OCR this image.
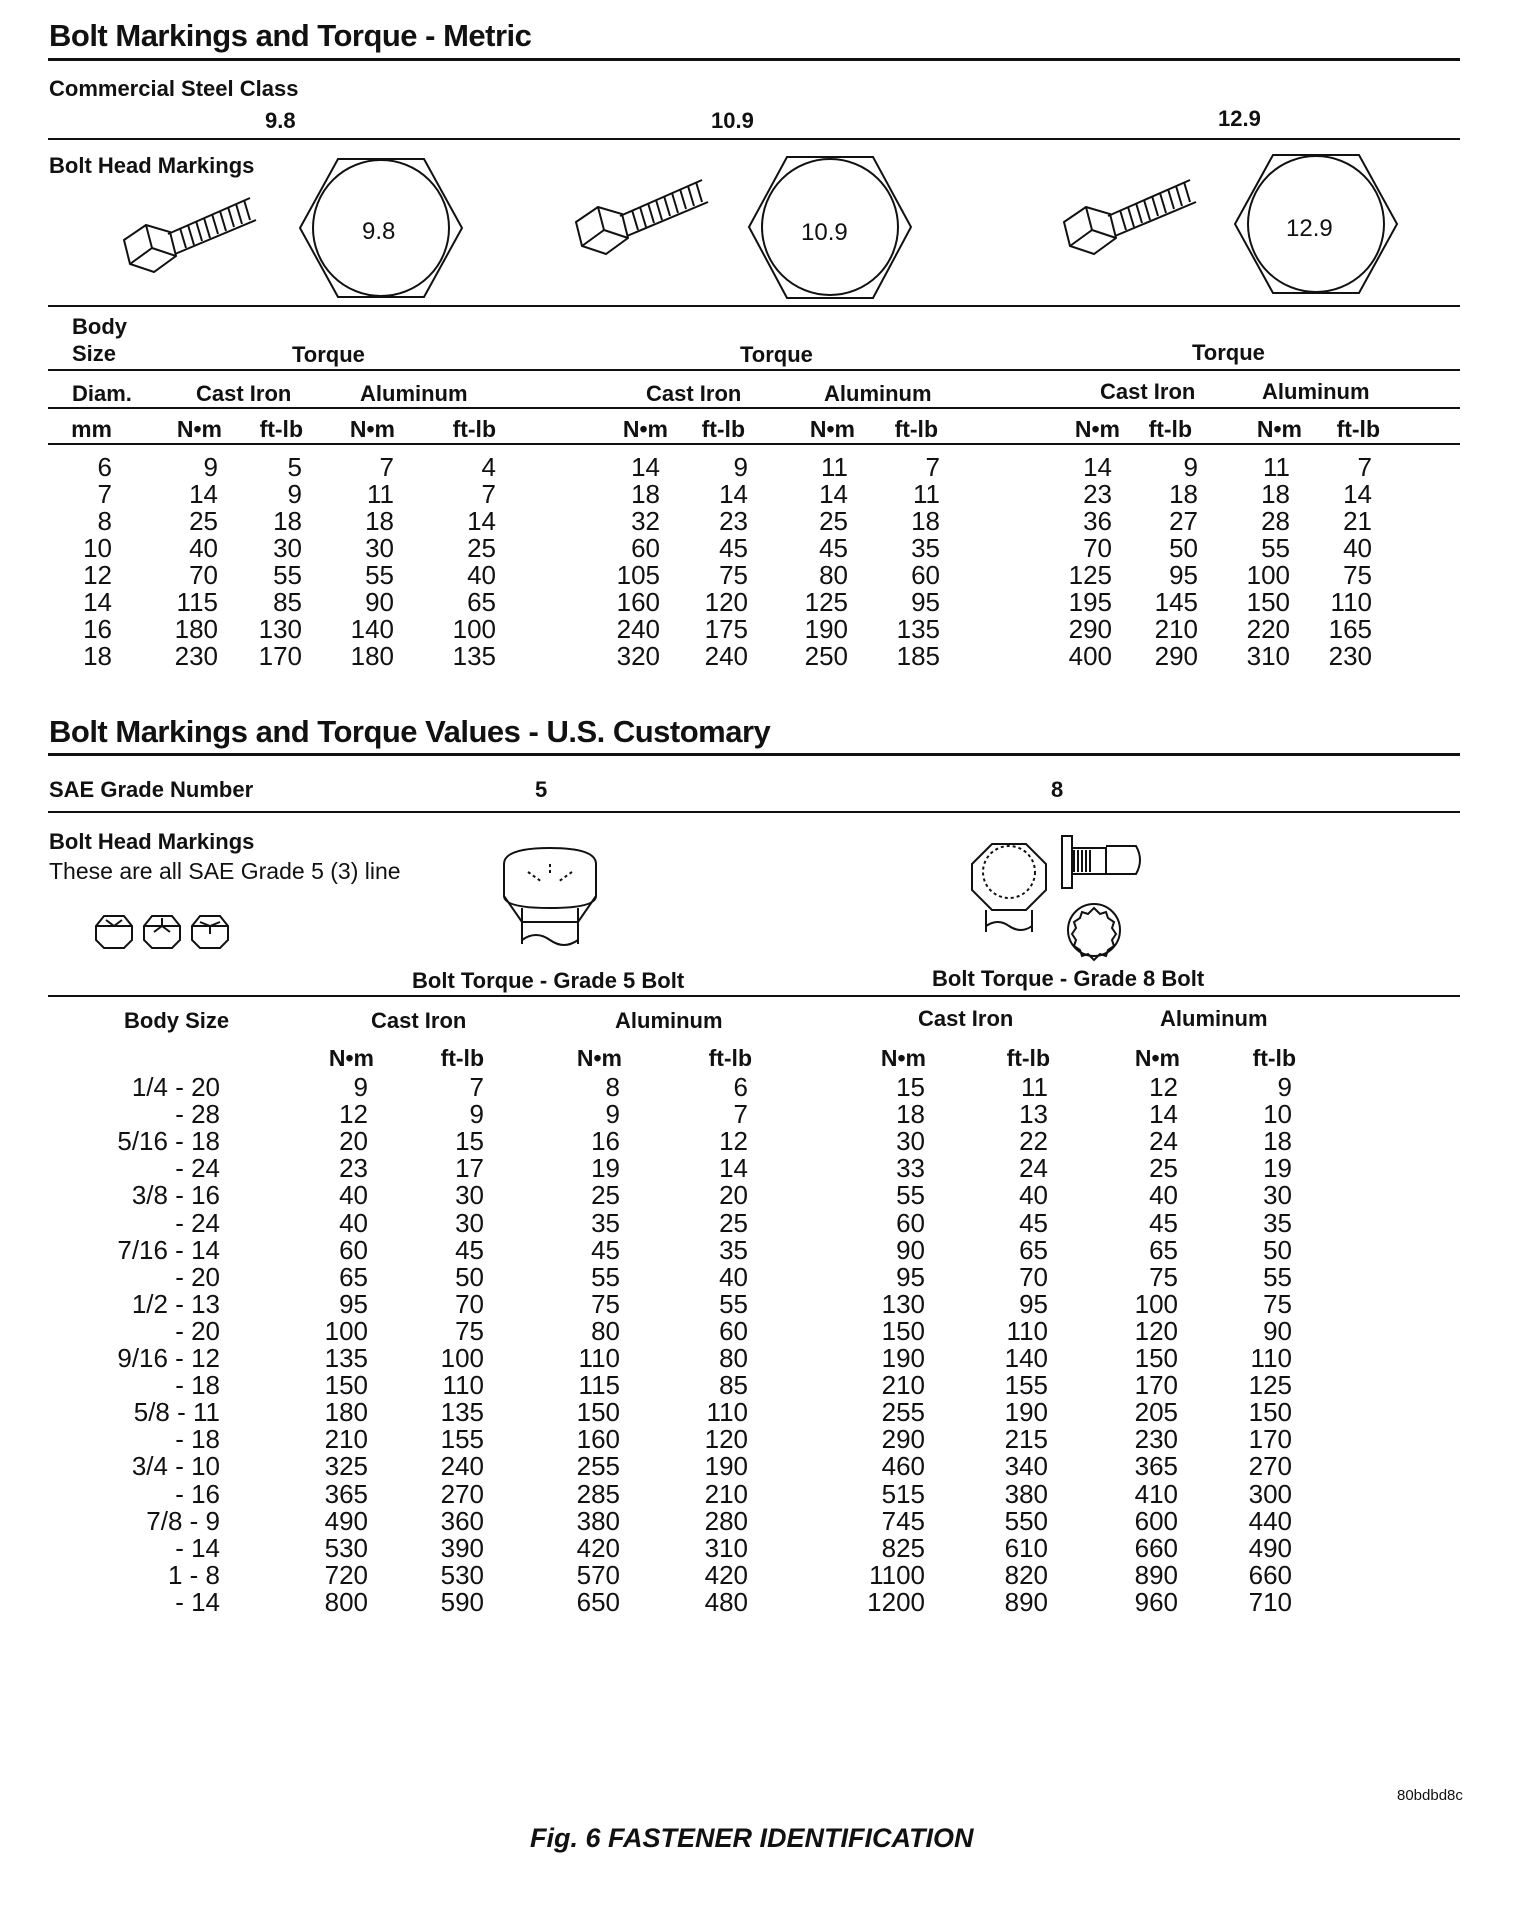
Bolt Markings and Torque - Metric
Commercial Steel Class
9.8	10.9	12.9
Bolt Head Markings
9.8	10.9	12.9
Body
Size	Torque	Torque	Torque
Diam.	Cast Iron	Aluminum	Cast Iron	Aluminum	Cast Iron	Aluminum
mm	N•m ft-lb N•m	ft-lb	N•m ft-lb	N•m ft-lb	N•m ft-lb	N•m ft-lb
6	9	5	7	4	14	9	11	7	14	9	11	7
7	14	9	11	7	18 14	14	11	23 18 18 14
8	25 18 18	14	32 23	25 18	36 27 28 21
10	40 30 30	25	60 45	45 35	70 50 55 40
12	70 55 55	40	105 75	80 60	125 95 100 75
14 115 85 90	65	160 120 125 95	195 145 150 110
16 180 130 140 100	240 175 190 135	290 210 220 165
18 230 170 180 135	320 240 250 185	400 290 310 230
Bolt Markings and Torque Values - U.S. Customary
SAE Grade Number	5	8
Bolt Head Markings
These are all SAE Grade 5 (3) line
Bolt Torque - Grade 5 Bolt	Bolt Torque - Grade 8 Bolt
Body Size	Cast Iron	Aluminum	Cast Iron	Aluminum
N•m	ft-lb	N•m	ft-lb	N•m	ft-lb	N•m	ft-lb
1/4 - 20	9	7	8	6	15	11	12	9
- 28	12	9	9	7	18	13	14	10
5/16 - 18	20	15	16	12	30	22	24	18
- 24	23	17	19	14	33	24	25	19
3/8 - 16	40	30	25	20	55	40	40	30
- 24	40	30	35	25	60	45	45	35
7/16 - 14	60	45	45	35	90	65	65	50
- 20	65	50	55	40	95	70	75	55
1/2 - 13	95	70	75	55	130	95	100	75
- 20	100	75	80	60	150	110	120	90
9/16 - 12	135	100	110	80	190	140	150	110
- 18	150	110	115	85	210	155	170	125
5/8 - 11	180	135	150	110	255	190	205	150
- 18	210	155	160	120	290	215	230	170
3/4 - 10	325	240	255	190	460	340	365	270
- 16	365	270	285	210	515	380	410	300
7/8 - 9	490	360	380	280	745	550	600	440
- 14	530	390	420	310	825	610	660	490
1 - 8	720	530	570	420	1100	820	890	660
- 14	800	590	650	480	1200	890	960	710
80bdbd8c
Fig. 6 FASTENER IDENTIFICATION
